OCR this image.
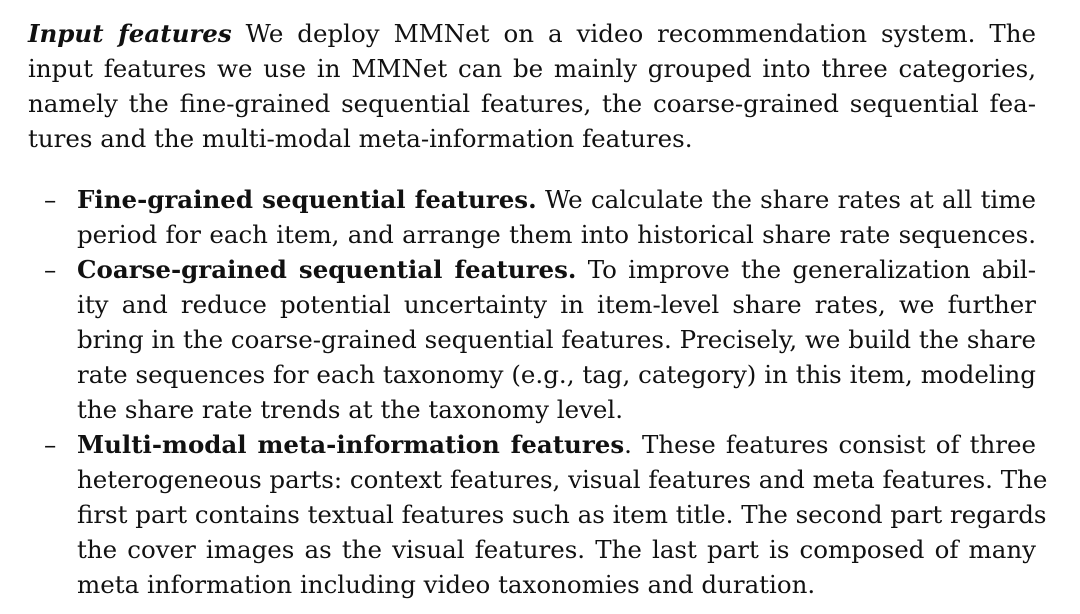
Input features We deploy MMNet on a video recommendation system. The
input features we use in MMNet can be mainly grouped into three categories,
namely the fine-grained sequential features, the coarse-grained sequential fea-
tures and the multi-modal meta-information features.
– Fine-grained sequential features. We calculate the share rates at all time
period for each item, and arrange them into historical share rate sequences.
– Coarse-grained sequential features. To improve the generalization abil-
ity and reduce potential uncertainty in item-level share rates, we further
bring in the coarse-grained sequential features. Precisely, we build the share
rate sequences for each taxonomy (e.g., tag, category) in this item, modeling
the share rate trends at the taxonomy level.
– Multi-modal meta-information features. These features consist of three
heterogeneous parts: context features, visual features and meta features. The
first part contains textual features such as item title. The second part regards
the cover images as the visual features. The last part is composed of many
meta information including video taxonomies and duration.
